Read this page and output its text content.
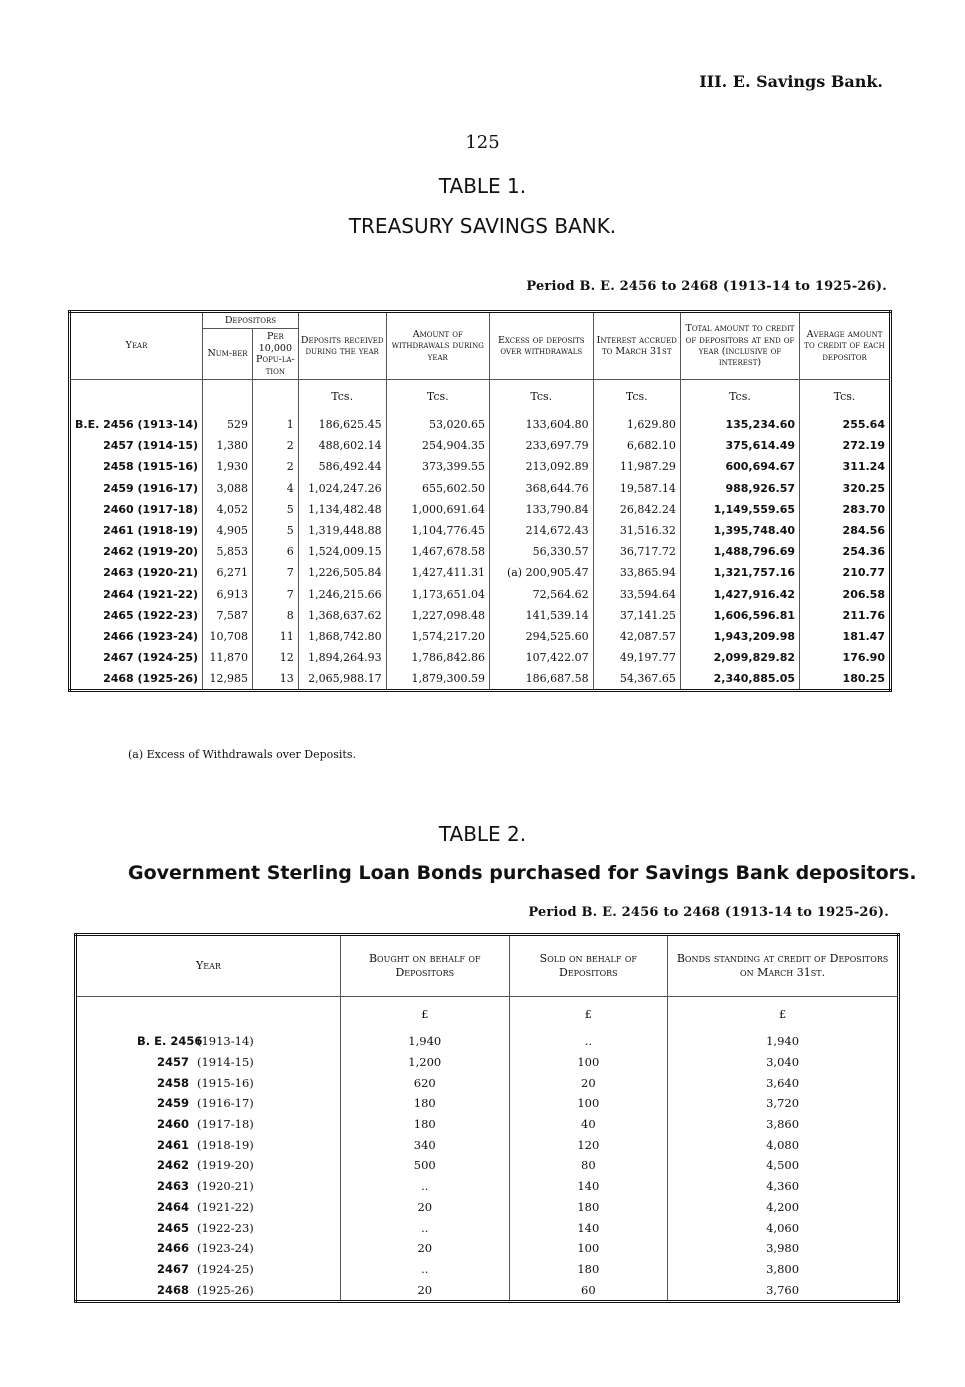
III. E. Savings Bank.
125
TABLE 1.
TREASURY SAVINGS BANK.
Period B. E. 2456 to 2468 (1913-14 to 1925-26).
Year	Depositors		Deposits received during the year	Amount of withdrawals during year	Excess of deposits over withdrawals	Interest accrued to March 31st	Total amount to credit of depositors at end of year (inclusive of interest)	Average amount to credit of each depositor
	Num-ber	Per 10,000 Popu-la-tion						
			Tcs.	Tcs.	Tcs.	Tcs.	Tcs.	Tcs.
B.E. 2456 (1913-14)	529	1	186,625.45	53,020.65	133,604.80	1,629.80	135,234.60	255.64
2457 (1914-15)	1,380	2	488,602.14	254,904.35	233,697.79	6,682.10	375,614.49	272.19
2458 (1915-16)	1,930	2	586,492.44	373,399.55	213,092.89	11,987.29	600,694.67	311.24
2459 (1916-17)	3,088	4	1,024,247.26	655,602.50	368,644.76	19,587.14	988,926.57	320.25
2460 (1917-18)	4,052	5	1,134,482.48	1,000,691.64	133,790.84	26,842.24	1,149,559.65	283.70
2461 (1918-19)	4,905	5	1,319,448.88	1,104,776.45	214,672.43	31,516.32	1,395,748.40	284.56
2462 (1919-20)	5,853	6	1,524,009.15	1,467,678.58	56,330.57	36,717.72	1,488,796.69	254.36
2463 (1920-21)	6,271	7	1,226,505.84	1,427,411.31	(a) 200,905.47	33,865.94	1,321,757.16	210.77
2464 (1921-22)	6,913	7	1,246,215.66	1,173,651.04	72,564.62	33,594.64	1,427,916.42	206.58
2465 (1922-23)	7,587	8	1,368,637.62	1,227,098.48	141,539.14	37,141.25	1,606,596.81	211.76
2466 (1923-24)	10,708	11	1,868,742.80	1,574,217.20	294,525.60	42,087.57	1,943,209.98	181.47
2467 (1924-25)	11,870	12	1,894,264.93	1,786,842.86	107,422.07	49,197.77	2,099,829.82	176.90
2468 (1925-26)	12,985	13	2,065,988.17	1,879,300.59	186,687.58	54,367.65	2,340,885.05	180.25
(a) Excess of Withdrawals over Deposits.
TABLE 2.
Government Sterling Loan Bonds purchased for Savings Bank depositors.
Period B. E. 2456 to 2468 (1913-14 to 1925-26).
Year	Bought on behalf of Depositors	Sold on behalf of Depositors	Bonds standing at credit of Depositors on March 31st.
	£	£	£
B. E. 2456(1913-14)	1,940	..	1,940
2457 (1914-15)	1,200	100	3,040
2458 (1915-16)	620	20	3,640
2459 (1916-17)	180	100	3,720
2460 (1917-18)	180	40	3,860
2461 (1918-19)	340	120	4,080
2462 (1919-20)	500	80	4,500
2463 (1920-21)	..	140	4,360
2464 (1921-22)	20	180	4,200
2465 (1922-23)	..	140	4,060
2466 (1923-24)	20	100	3,980
2467 (1924-25)	..	180	3,800
2468 (1925-26)	20	60	3,760
